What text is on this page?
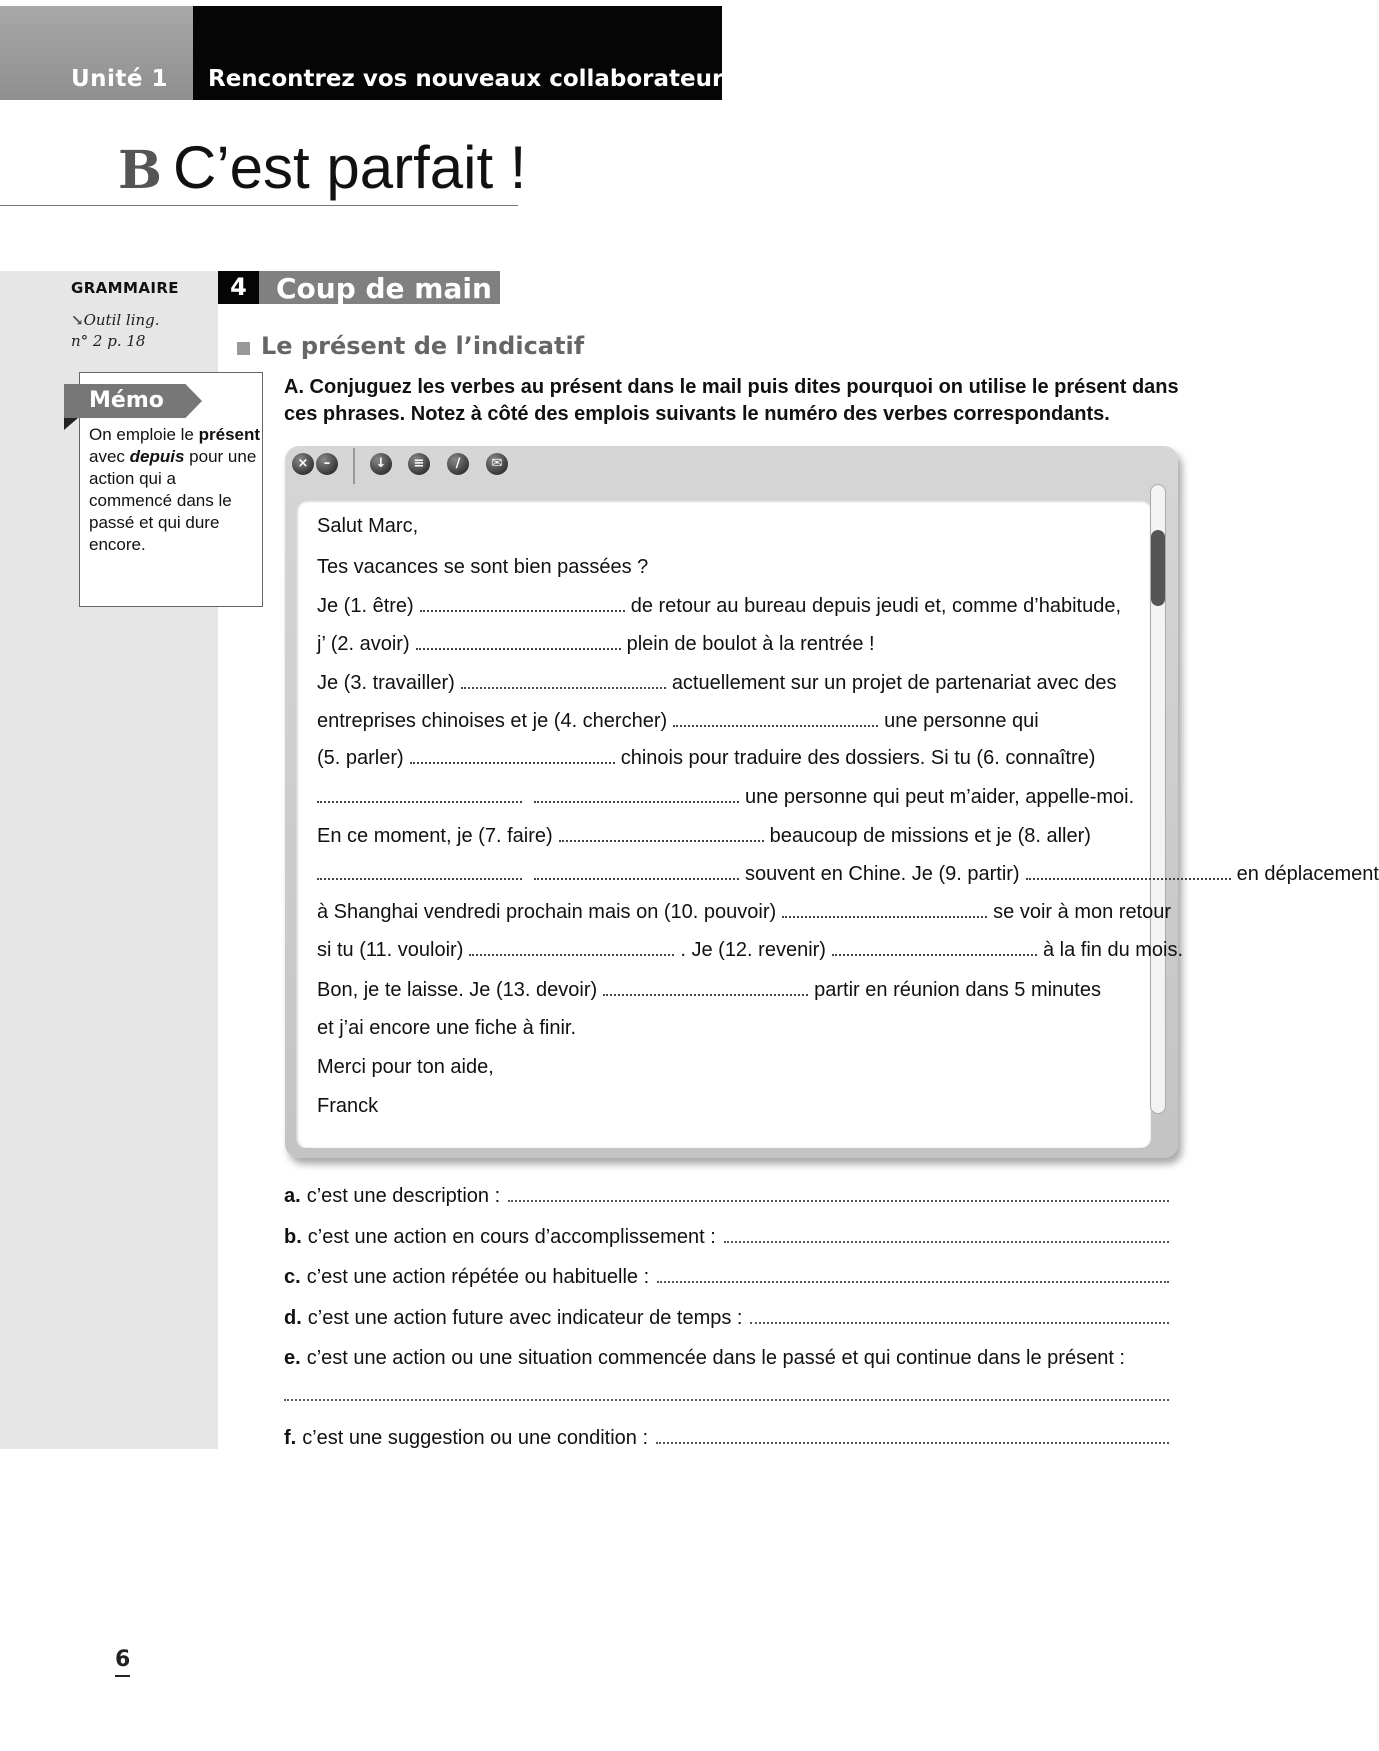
Unité 1 Rencontrez vos nouveaux collaborateurs
B C’est parfait !
GRAMMAIRE
↘Outil ling.
n° 2 p. 18
Mémo
On emploie le présent avec depuis pour une action qui a commencé dans le passé et qui dure encore.
4	Coup de main
Le présent de l’indicatif
A. Conjuguez les verbes au présent dans le mail puis dites pourquoi on utilise le présent dans ces phrases. Notez à côté des emplois suivants le numéro des verbes correspondants.
×	–	↓	≡	∕	✉
Salut Marc,
Tes vacances se sont bien passées ?
Je (1. être)	de retour au bureau depuis jeudi et, comme d’habitude,
j’ (2. avoir)	plein de boulot à la rentrée !
Je (3. travailler)	actuellement sur un projet de partenariat avec des
entreprises chinoises et je (4. chercher)	une personne qui
(5. parler)	chinois pour traduire des dossiers. Si tu (6. connaître)
une personne qui peut m’aider, appelle-moi.
En ce moment, je (7. faire)	beaucoup de missions et je (8. aller)
souvent en Chine. Je (9. partir)	en déplacement
à Shanghai vendredi prochain mais on (10. pouvoir)	se voir à mon retour
si tu (11. vouloir)	. Je (12. revenir)	à la fin du mois.
Bon, je te laisse. Je (13. devoir)	partir en réunion dans 5 minutes
et j’ai encore une fiche à finir.
Merci pour ton aide,
Franck
a. c’est une description :
b. c’est une action en cours d’accomplissement :
c. c’est une action répétée ou habituelle :
d. c’est une action future avec indicateur de temps :
e. c’est une action ou une situation commencée dans le passé et qui continue dans le présent :
f. c’est une suggestion ou une condition :
6
